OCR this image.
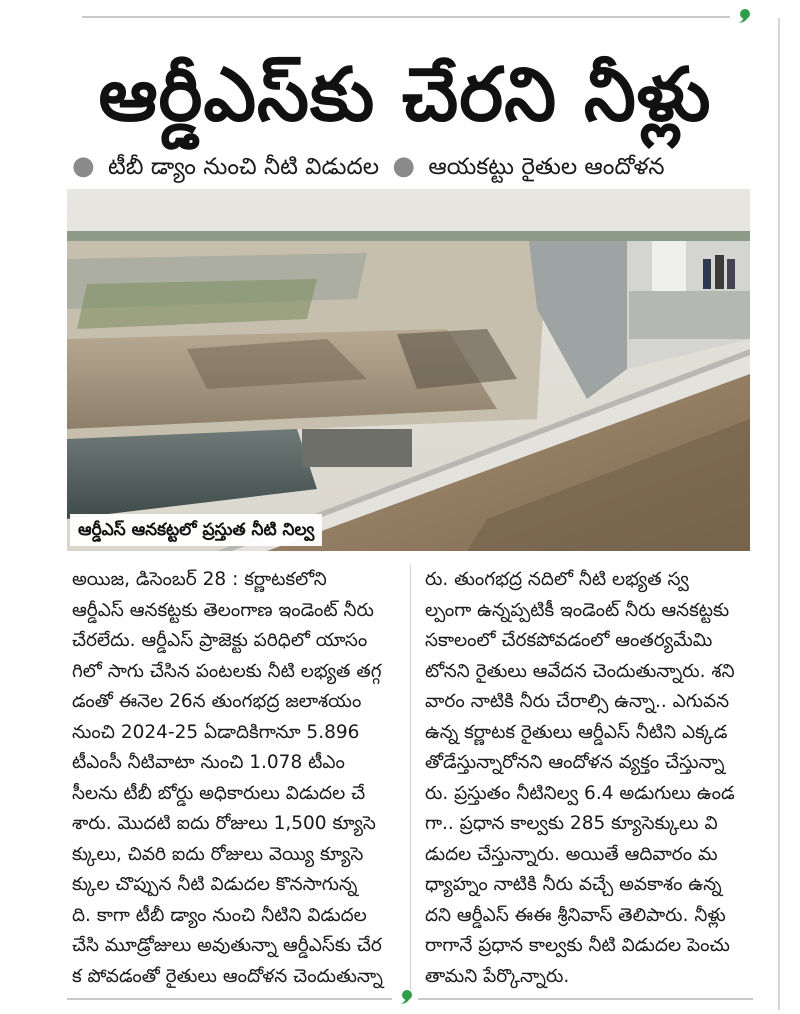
ఆర్డీఎస్‌కు చేరని నీళ్లు
● టీబీ డ్యాం నుంచి నీటి విడుదల ● ఆయకట్టు రైతుల ఆందోళన
ఆర్డీఎస్ ఆనకట్టలో ప్రస్తుత నీటి నిల్వ
అయిజ, డిసెంబర్ 28 : కర్ణాటకలోని
ఆర్డీఎస్ ఆనకట్టకు తెలంగాణ ఇండెంట్ నీరు
చేరలేదు. ఆర్డీఎస్ ప్రాజెక్టు పరిధిలో యాసం
గిలో సాగు చేసిన పంటలకు నీటి లభ్యత తగ్గ
డంతో ఈనెల 26న తుంగభద్ర జలాశయం
నుంచి 2024-25 ఏడాదికిగానూ 5.896
టీఎంసీ నీటివాటా నుంచి 1.078 టీఎం
సీలను టీబీ బోర్డు అధికారులు విడుదల చే
శారు. మొదటి ఐదు రోజులు 1,500 క్యూసె
క్కులు, చివరి ఐదు రోజులు వెయ్యి క్యూసె
క్కుల చొప్పున నీటి విడుదల కొనసాగున్న
ది. కాగా టీబీ డ్యాం నుంచి నీటిని విడుదల
చేసి మూడ్రోజులు అవుతున్నా ఆర్డీఎస్‌కు చేర
క పోవడంతో రైతులు ఆందోళన చెందుతున్నా
రు. తుంగభద్ర నదిలో నీటి లభ్యత స్వ
ల్పంగా ఉన్నప్పటికీ ఇండెంట్ నీరు ఆనకట్టకు
సకాలంలో చేరకపోవడంలో ఆంతర్యమేమి
టోనని రైతులు ఆవేదన చెందుతున్నారు. శని
వారం నాటికి నీరు చేరాల్సి ఉన్నా.. ఎగువన
ఉన్న కర్ణాటక రైతులు ఆర్డీఎస్ నీటిని ఎక్కడ
తోడేస్తున్నారోనని ఆందోళన వ్యక్తం చేస్తున్నా
రు. ప్రస్తుతం నీటినిల్వ 6.4 అడుగులు ఉండ
గా.. ప్రధాన కాల్వకు 285 క్యూసెక్కులు వి
డుదల చేస్తున్నారు. అయితే ఆదివారం మ
ధ్యాహ్నం నాటికి నీరు వచ్చే అవకాశం ఉన్న
దని ఆర్డీఎస్ ఈఈ శ్రీనివాస్ తెలిపారు. నీళ్లు
రాగానే ప్రధాన కాల్వకు నీటి విడుదల పెంచు
తామని పేర్కొన్నారు.
